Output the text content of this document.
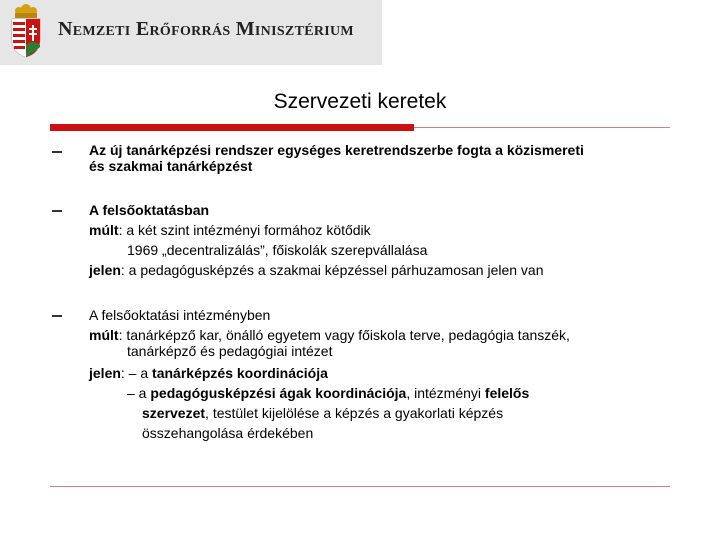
Nemzeti Erőforrás Minisztérium
Szervezeti keretek
Az új tanárképzési rendszer egységes keretrendszerbe fogta a közismereti
és szakmai tanárképzést
A felsőoktatásban
múlt: a két szint intézményi formához kötődik
1969 „decentralizálás”, főiskolák szerepvállalása
jelen: a pedagógusképzés a szakmai képzéssel párhuzamosan jelen van
A felsőoktatási intézményben
múlt: tanárképző kar, önálló egyetem vagy főiskola terve, pedagógia tanszék,
tanárképző és pedagógiai intézet
jelen: – a tanárképzés koordinációja
– a pedagógusképzési ágak koordinációja, intézményi felelős
szervezet, testület kijelölése a képzés a gyakorlati képzés
összehangolása érdekében
